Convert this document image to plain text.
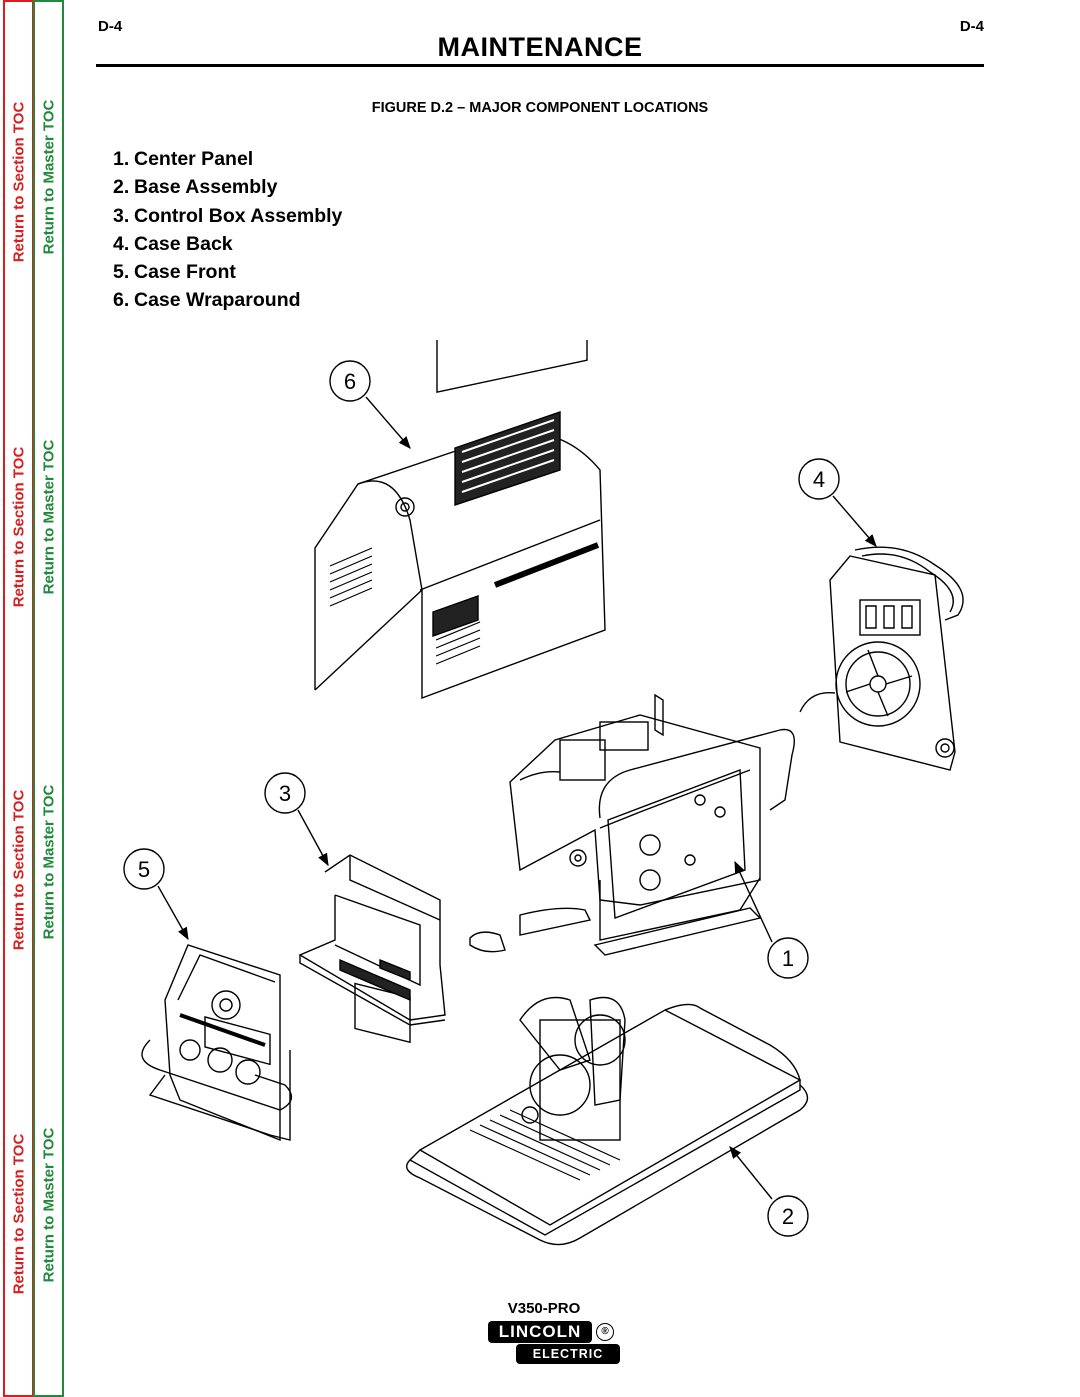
Return to Section TOC
Return to Section TOC
Return to Section TOC
Return to Section TOC
Return to Master TOC
Return to Master TOC
Return to Master TOC
Return to Master TOC
D-4	D-4
MAINTENANCE
FIGURE D.2 – MAJOR COMPONENT LOCATIONS
1. Center Panel
2. Base Assembly
3. Control Box Assembly
4. Case Back
5. Case Front
6. Case Wraparound
6
4
3
5
1
2
V350-PRO
LINCOLN	®
ELECTRIC
